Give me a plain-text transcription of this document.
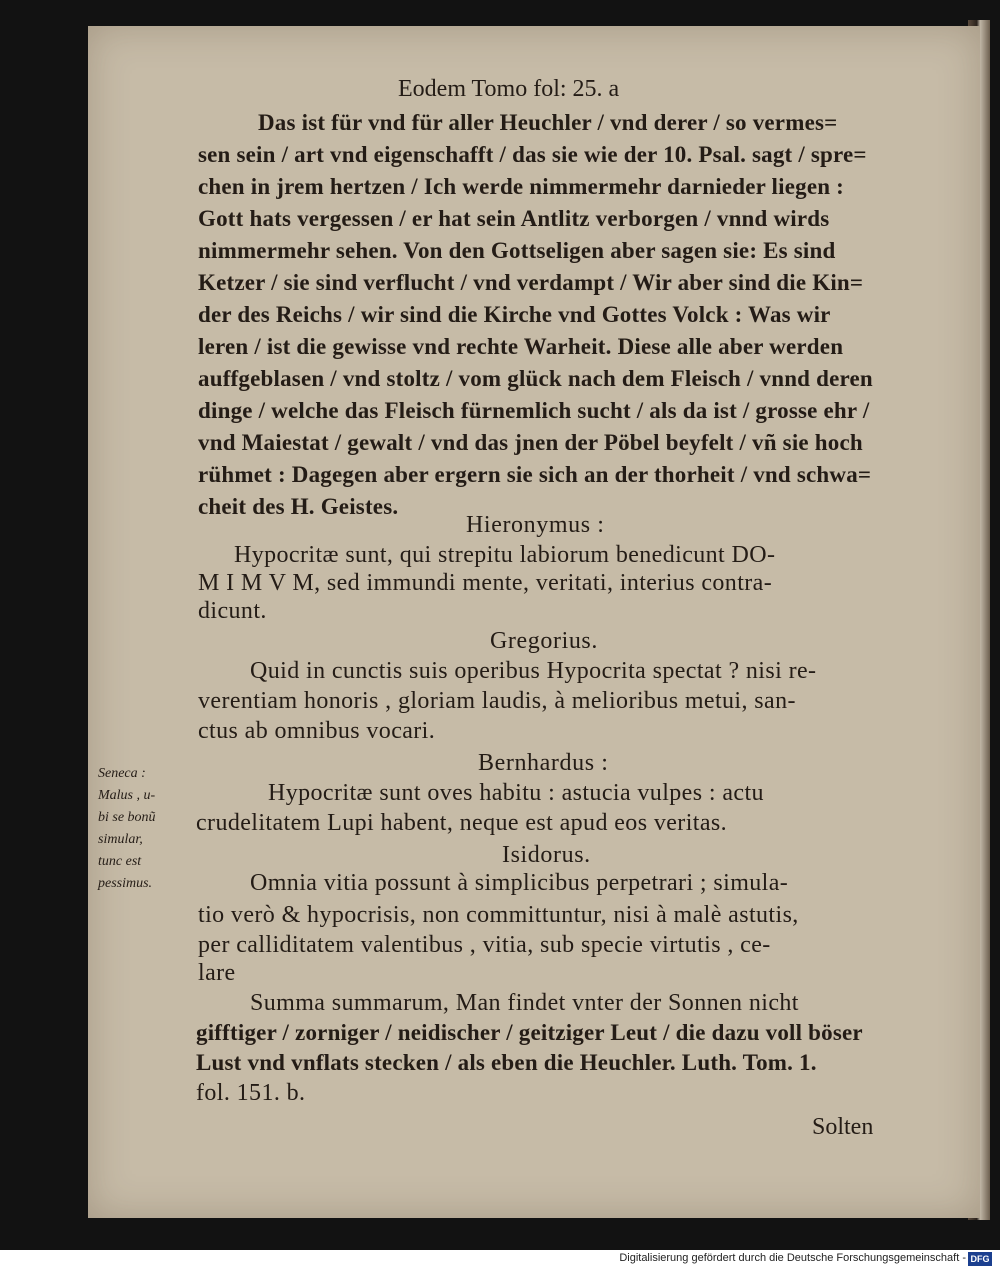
Eodem Tomo fol: 25. a
Das ist für vnd für aller Heuchler / vnd derer / so vermes=
sen sein / art vnd eigenschafft / das sie wie der 10. Psal. sagt / spre=
chen in jrem hertzen / Ich werde nimmermehr darnieder liegen :
Gott hats vergessen / er hat sein Antlitz verborgen / vnnd wirds
nimmermehr sehen. Von den Gottseligen aber sagen sie: Es sind
Ketzer / sie sind verflucht / vnd verdampt / Wir aber sind die Kin=
der des Reichs / wir sind die Kirche vnd Gottes Volck : Was wir
leren / ist die gewisse vnd rechte Warheit. Diese alle aber werden
auffgeblasen / vnd stoltz / vom glück nach dem Fleisch / vnnd deren
dinge / welche das Fleisch fürnemlich sucht / als da ist / grosse ehr /
vnd Maiestat / gewalt / vnd das jnen der Pöbel beyfelt / vñ sie hoch
rühmet : Dagegen aber ergern sie sich an der thorheit / vnd schwa=
cheit des H. Geistes.
Hieronymus :
Hypocritæ sunt, qui strepitu labiorum benedicunt DO-
M I M V M, sed immundi mente, veritati, interius contra-
dicunt.
Gregorius.
Quid in cunctis suis operibus Hypocrita spectat ? nisi re-
verentiam honoris , gloriam laudis, à melioribus metui, san-
ctus ab omnibus vocari.
Bernhardus :
Hypocritæ sunt oves habitu : astucia vulpes : actu
crudelitatem Lupi habent, neque est apud eos veritas.
Isidorus.
Omnia vitia possunt à simplicibus perpetrari ; simula-
tio verò & hypocrisis, non committuntur, nisi à malè astutis,
per calliditatem valentibus , vitia, sub specie virtutis , ce-
lare
Summa summarum, Man findet vnter der Sonnen nicht
gifftiger / zorniger / neidischer / geitziger Leut / die dazu voll böser
Lust vnd vnflats stecken / als eben die Heuchler. Luth. Tom. 1.
fol. 151. b.
Solten
Seneca :
Malus , u-
bi se bonũ
simular,
tunc est
pessimus.
Digitalisierung gefördert durch die Deutsche Forschungsgemeinschaft - DFG
